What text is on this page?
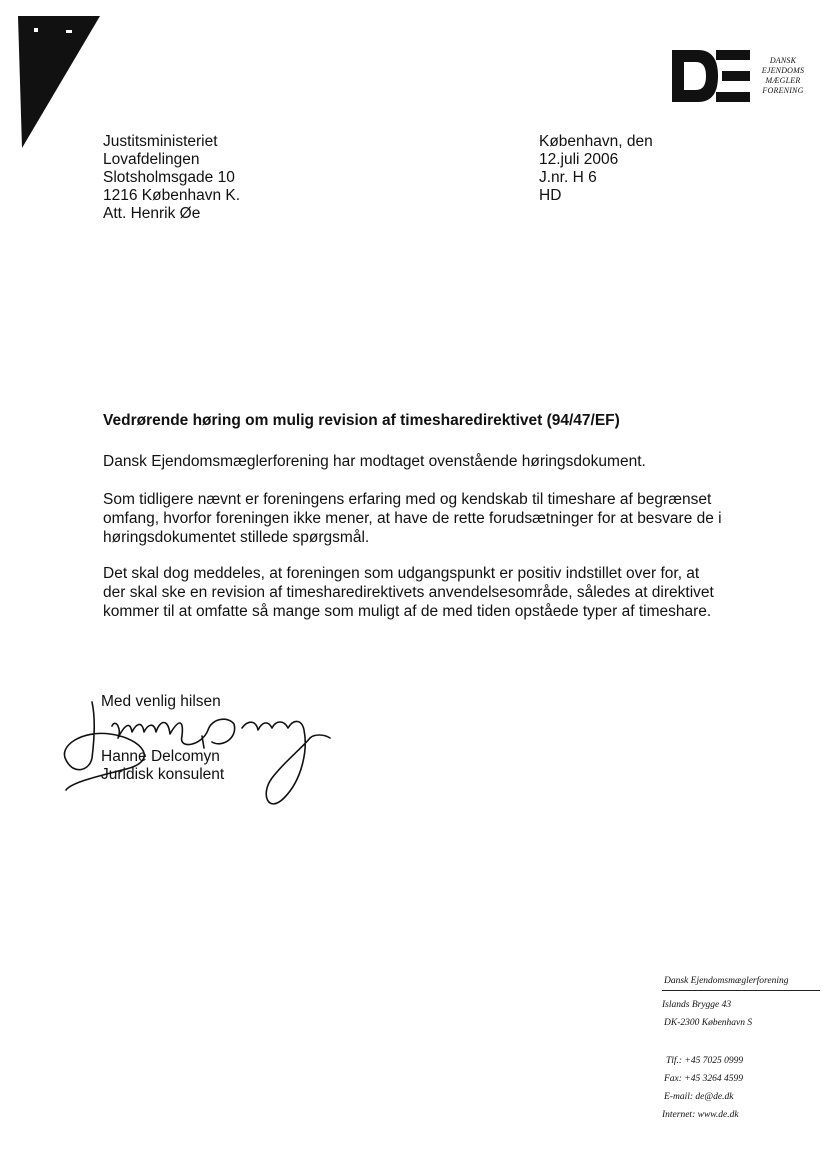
DANSK
EJENDOMS
MÆGLER
FORENING
Justitsministeriet
Lovafdelingen
Slotsholmsgade 10
1216 København K.
Att. Henrik Øe
København, den
12.juli 2006
J.nr. H 6
HD
Vedrørende høring om mulig revision af timesharedirektivet (94/47/EF)
Dansk Ejendomsmæglerforening har modtaget ovenstående høringsdokument.
Som tidligere nævnt er foreningens erfaring med og kendskab til timeshare af begrænset
omfang, hvorfor foreningen ikke mener, at have de rette forudsætninger for at besvare de i
høringsdokumentet stillede spørgsmål.
Det skal dog meddeles, at foreningen som udgangspunkt er positiv indstillet over for, at
der skal ske en revision af timesharedirektivets anvendelsesområde, således at direktivet
kommer til at omfatte så mange som muligt af de med tiden opståede typer af timeshare.
Med venlig hilsen
Hanne Delcomyn
Juridisk konsulent
Dansk Ejendomsmæglerforening
Islands Brygge 43
DK-2300 København S
Tlf.: +45 7025 0999
Fax: +45 3264 4599
E-mail: de@de.dk
Internet: www.de.dk
